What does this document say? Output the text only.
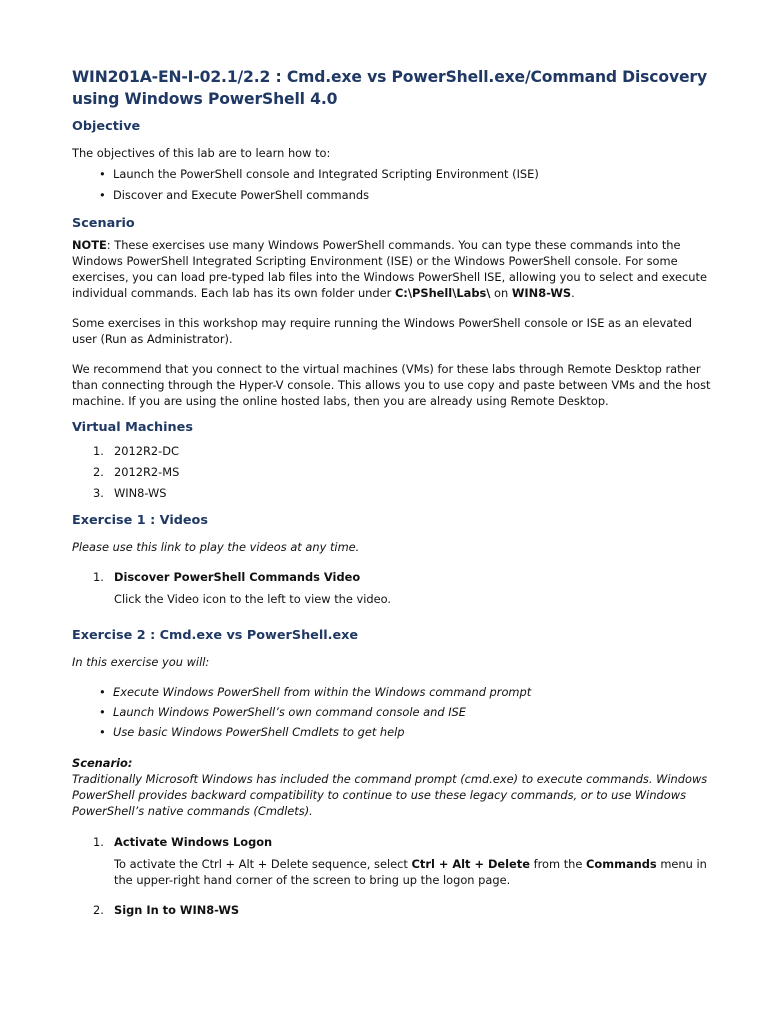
WIN201A-EN-I-02.1/2.2 : Cmd.exe vs PowerShell.exe/Command Discovery using Windows PowerShell 4.0
Objective

The objectives of this lab are to learn how to:

• Launch the PowerShell console and Integrated Scripting Environment (ISE)
• Discover and Execute PowerShell commands
Scenario

NOTE: These exercises use many Windows PowerShell commands. You can type these commands into the Windows PowerShell Integrated Scripting Environment (ISE) or the Windows PowerShell console. For some exercises, you can load pre-typed lab files into the Windows PowerShell ISE, allowing you to select and execute individual commands. Each lab has its own folder under C:\PShell\Labs\ on WIN8-WS.

Some exercises in this workshop may require running the Windows PowerShell console or ISE as an elevated user (Run as Administrator).

We recommend that you connect to the virtual machines (VMs) for these labs through Remote Desktop rather than connecting through the Hyper-V console. This allows you to use copy and paste between VMs and the host machine. If you are using the online hosted labs, then you are already using Remote Desktop.

Virtual Machines
1. 2012R2-DC
2. 2012R2-MS
3. WIN8-WS
Exercise 1 : Videos

Please use this link to play the videos at any time.

1. Discover PowerShell Commands Video

Click the Video icon to the left to view the video.

Exercise 2 : Cmd.exe vs PowerShell.exe

In this exercise you will:

• Execute Windows PowerShell from within the Windows command prompt
• Launch Windows PowerShell’s own command console and ISE
• Use basic Windows PowerShell Cmdlets to get help

Scenario:

Traditionally Microsoft Windows has included the command prompt (cmd.exe) to execute commands. Windows PowerShell provides backward compatibility to continue to use these legacy commands, or to use Windows PowerShell’s native commands (Cmdlets).

1. Activate Windows Logon

To activate the Ctrl + Alt + Delete sequence, select Ctrl + Alt + Delete from the Commands menu in the upper-right hand corner of the screen to bring up the logon page.

2. Sign In to WIN8-WS
